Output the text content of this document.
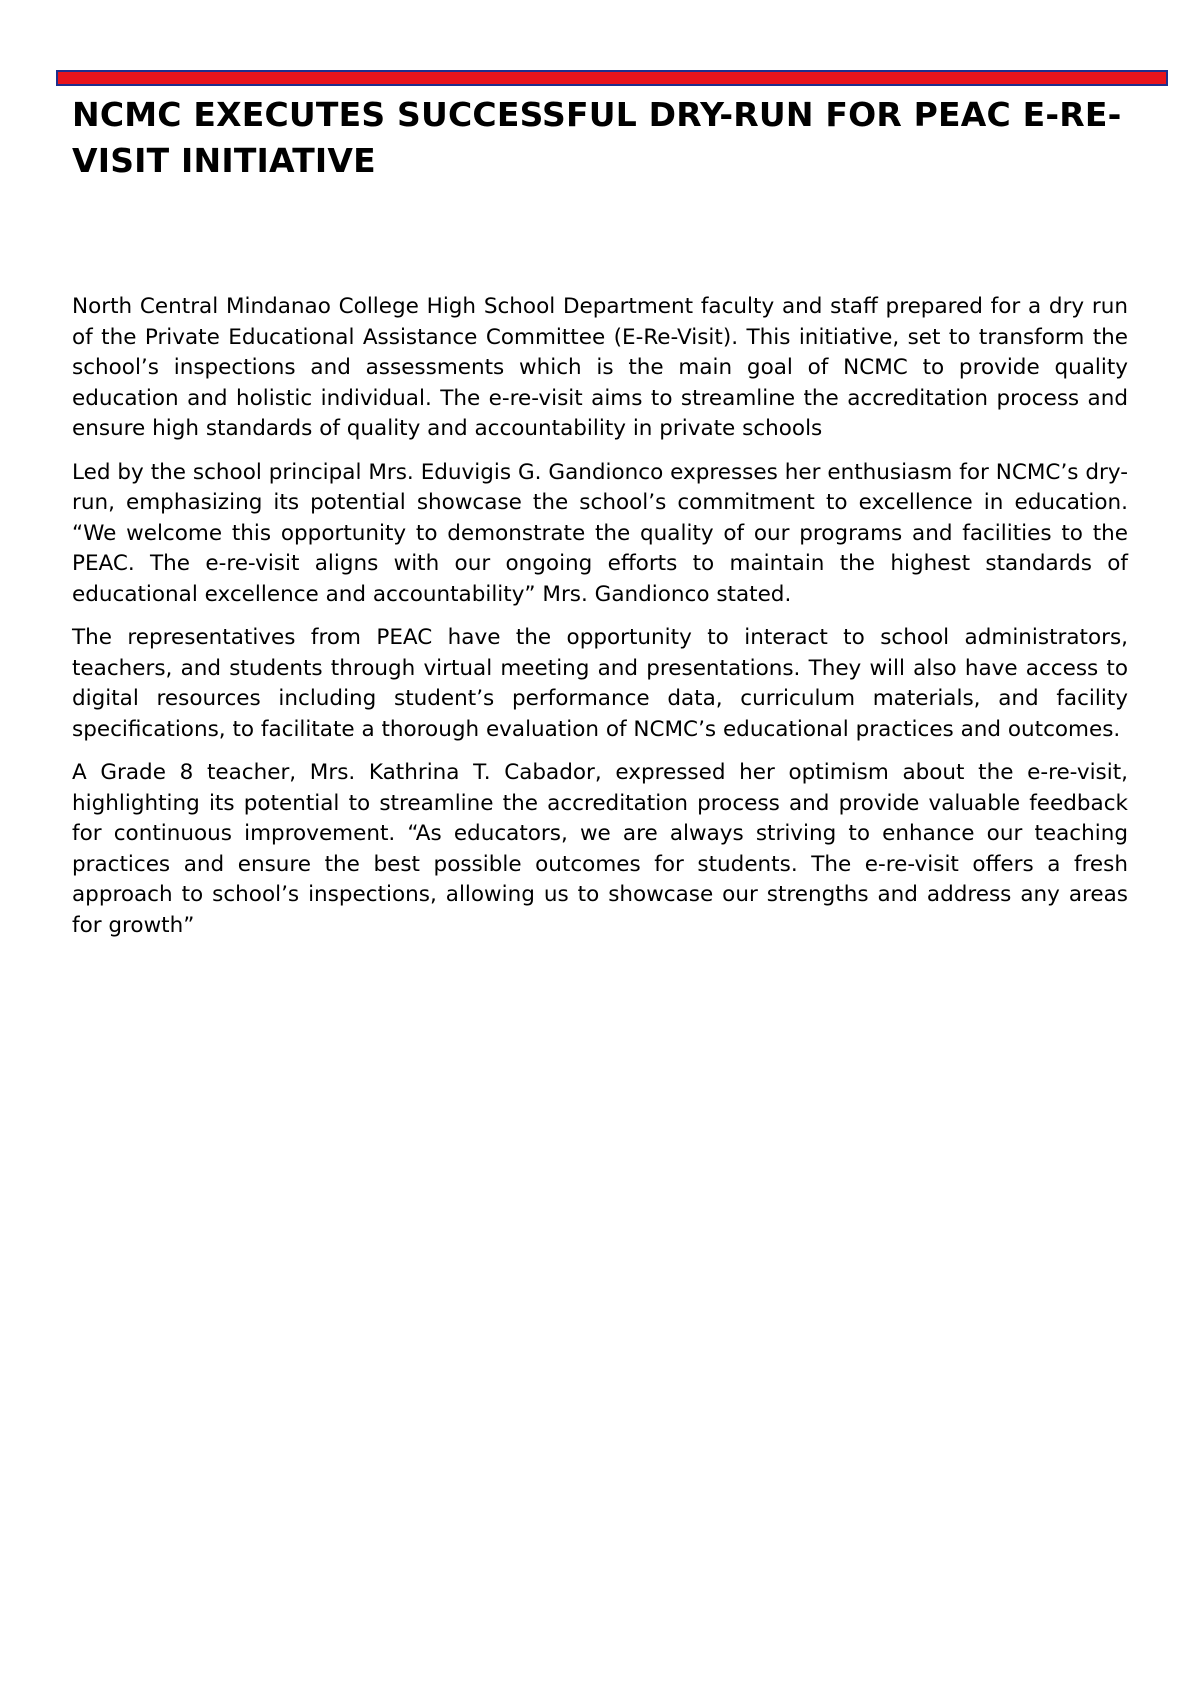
NCMC EXECUTES SUCCESSFUL DRY-RUN FOR PEAC E-RE-VISIT INITIATIVE

North Central Mindanao College High School Department faculty and staff prepared for a dry run of the Private Educational Assistance Committee (E-Re-Visit). This initiative, set to transform the school’s inspections and assessments which is the main goal of NCMC to provide quality education and holistic individual. The e-re-visit aims to streamline the accreditation process and ensure high standards of quality and accountability in private schools

Led by the school principal Mrs. Eduvigis G. Gandionco expresses her enthusiasm for NCMC’s dry-run, emphasizing its potential showcase the school’s commitment to excellence in education. “We welcome this opportunity to demonstrate the quality of our programs and facilities to the PEAC. The e-re-visit aligns with our ongoing efforts to maintain the highest standards of educational excellence and accountability” Mrs. Gandionco stated.

The representatives from PEAC have the opportunity to interact to school administrators, teachers, and students through virtual meeting and presentations. They will also have access to digital resources including student’s performance data, curriculum materials, and facility specifications, to facilitate a thorough evaluation of NCMC’s educational practices and outcomes.

A Grade 8 teacher, Mrs. Kathrina T. Cabador, expressed her optimism about the e-re-visit, highlighting its potential to streamline the accreditation process and provide valuable feedback for continuous improvement. “As educators, we are always striving to enhance our teaching practices and ensure the best possible outcomes for students. The e-re-visit offers a fresh approach to school’s inspections, allowing us to showcase our strengths and address any areas for growth”
